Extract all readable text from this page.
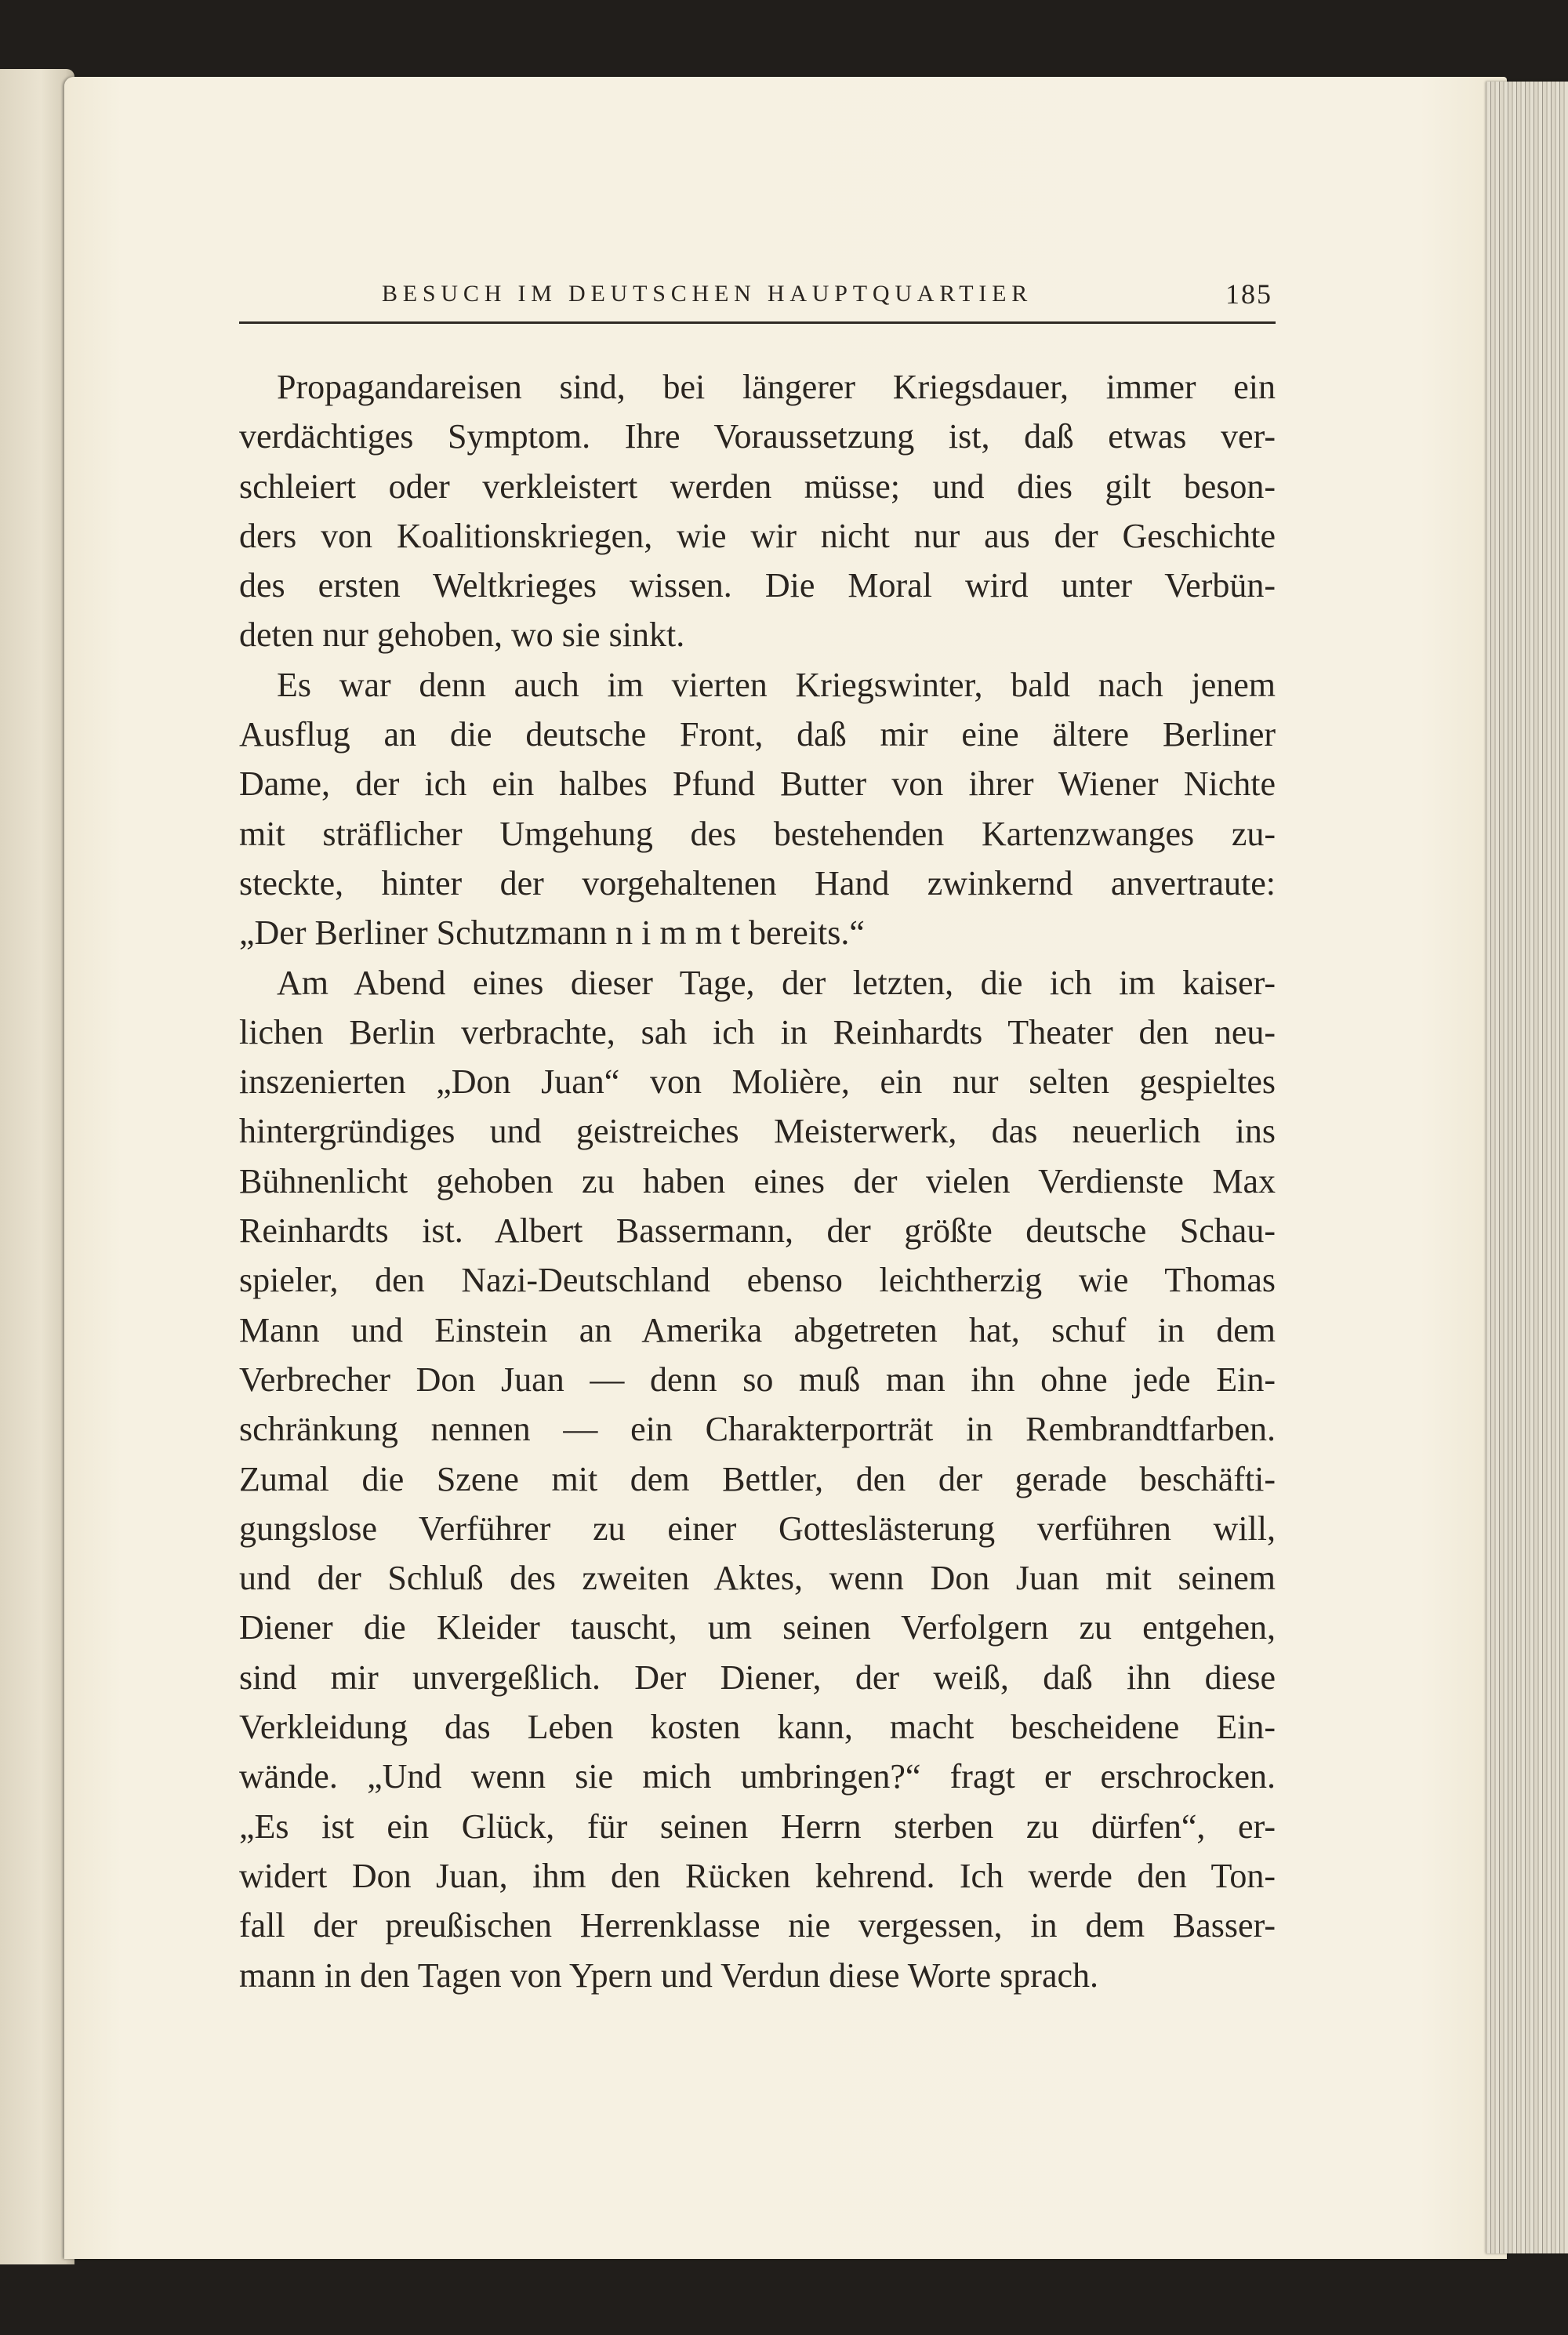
BESUCH IM DEUTSCHEN HAUPTQUARTIER	185
Propagandareisen sind, bei längerer Kriegsdauer, immer ein
verdächtiges Symptom. Ihre Voraussetzung ist, daß etwas ver-
schleiert oder verkleistert werden müsse; und dies gilt beson-
ders von Koalitionskriegen, wie wir nicht nur aus der Geschichte
des ersten Weltkrieges wissen. Die Moral wird unter Verbün-
deten nur gehoben, wo sie sinkt.
Es war denn auch im vierten Kriegswinter, bald nach jenem
Ausflug an die deutsche Front, daß mir eine ältere Berliner
Dame, der ich ein halbes Pfund Butter von ihrer Wiener Nichte
mit sträflicher Umgehung des bestehenden Kartenzwanges zu-
steckte, hinter der vorgehaltenen Hand zwinkernd anvertraute:
„Der Berliner Schutzmann n i m m t bereits.“
Am Abend eines dieser Tage, der letzten, die ich im kaiser-
lichen Berlin verbrachte, sah ich in Reinhardts Theater den neu-
inszenierten „Don Juan“ von Molière, ein nur selten gespieltes
hintergründiges und geistreiches Meisterwerk, das neuerlich ins
Bühnenlicht gehoben zu haben eines der vielen Verdienste Max
Reinhardts ist. Albert Bassermann, der größte deutsche Schau-
spieler, den Nazi-Deutschland ebenso leichtherzig wie Thomas
Mann und Einstein an Amerika abgetreten hat, schuf in dem
Verbrecher Don Juan — denn so muß man ihn ohne jede Ein-
schränkung nennen — ein Charakterporträt in Rembrandtfarben.
Zumal die Szene mit dem Bettler, den der gerade beschäfti-
gungslose Verführer zu einer Gotteslästerung verführen will,
und der Schluß des zweiten Aktes, wenn Don Juan mit seinem
Diener die Kleider tauscht, um seinen Verfolgern zu entgehen,
sind mir unvergeßlich. Der Diener, der weiß, daß ihn diese
Verkleidung das Leben kosten kann, macht bescheidene Ein-
wände. „Und wenn sie mich umbringen?“ fragt er erschrocken.
„Es ist ein Glück, für seinen Herrn sterben zu dürfen“, er-
widert Don Juan, ihm den Rücken kehrend. Ich werde den Ton-
fall der preußischen Herrenklasse nie vergessen, in dem Basser-
mann in den Tagen von Ypern und Verdun diese Worte sprach.
